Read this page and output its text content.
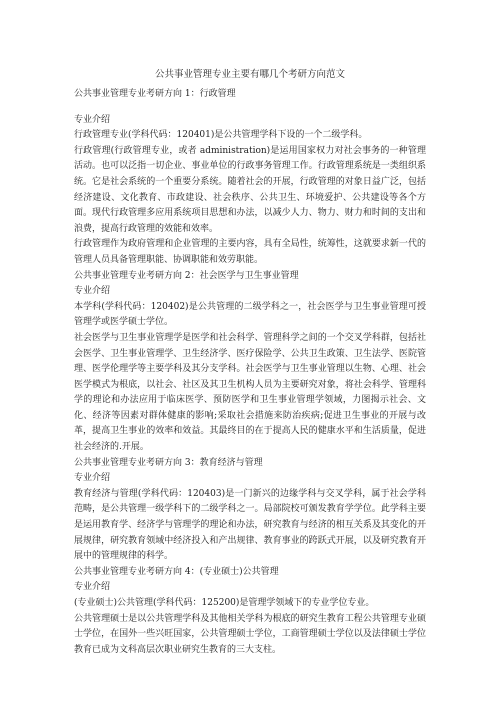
公共事业管理专业主要有哪几个考研方向范文

公共事业管理专业考研方向 1：行政管理

专业介绍

行政管理专业(学科代码：120401)是公共管理学科下设的一个二级学科。

行政管理(行政管理专业，或者 administration)是运用国家权力对社会事务的一种管理活动。也可以泛指一切企业、事业单位的行政事务管理工作。行政管理系统是一类组织系统。它是社会系统的一个重要分系统。随着社会的开展，行政管理的对象日益广泛，包括经济建设、文化教育、市政建设、社会秩序、公共卫生、环境爱护、公共建设等各个方面。现代行政管理多应用系统项目思想和办法，以减少人力、物力、财力和时间的支出和浪费，提高行政管理的效能和效率。

行政管理作为政府管理和企业管理的主要内容，具有全局性，统筹性，这就要求新一代的管理人员具备管理职能、协调职能和效劳职能。

公共事业管理专业考研方向 2：社会医学与卫生事业管理

专业介绍

本学科(学科代码：120402)是公共管理的二级学科之一，社会医学与卫生事业管理可授管理学或医学硕士学位。

社会医学与卫生事业管理学是医学和社会科学、管理科学之间的一个交叉学科群，包括社会医学、卫生事业管理学、卫生经济学、医疗保险学、公共卫生政策、卫生法学、医院管理、医学伦理学等主要学科及其分支学科。社会医学与卫生事业管理以生物、心理、社会医学模式为根底，以社会、社区及其卫生机构人员为主要研究对象，将社会科学、管理科学的理论和办法应用于临床医学、预防医学和卫生事业管理学领域，力图揭示社会、文化、经济等因素对群体健康的影响;采取社会措施来防治疾病;促进卫生事业的开展与改革，提高卫生事业的效率和效益。其最终目的在于提高人民的健康水平和生活质量，促进社会经济的.开展。

公共事业管理专业考研方向 3：教育经济与管理

专业介绍

教育经济与管理(学科代码：120403)是一门新兴的边缘学科与交叉学科，属于社会学科范畴，是公共管理一级学科下的二级学科之一。局部院校可颁发教育学学位。此学科主要是运用教育学、经济学与管理学的理论和办法，研究教育与经济的相互关系及其变化的开展规律，研究教育领域中经济投入和产出规律、教育事业的跨跃式开展，以及研究教育开展中的管理规律的科学。

公共事业管理专业考研方向 4：(专业硕士)公共管理

专业介绍

(专业硕士)公共管理(学科代码：125200)是管理学领域下的专业学位专业。

公共管理硕士是以公共管理学科及其他相关学科为根底的研究生教育工程公共管理专业硕士学位，在国外一些兴旺国家，公共管理硕士学位，工商管理硕士学位以及法律硕士学位教育已成为文科高层次职业研究生教育的三大支柱。
